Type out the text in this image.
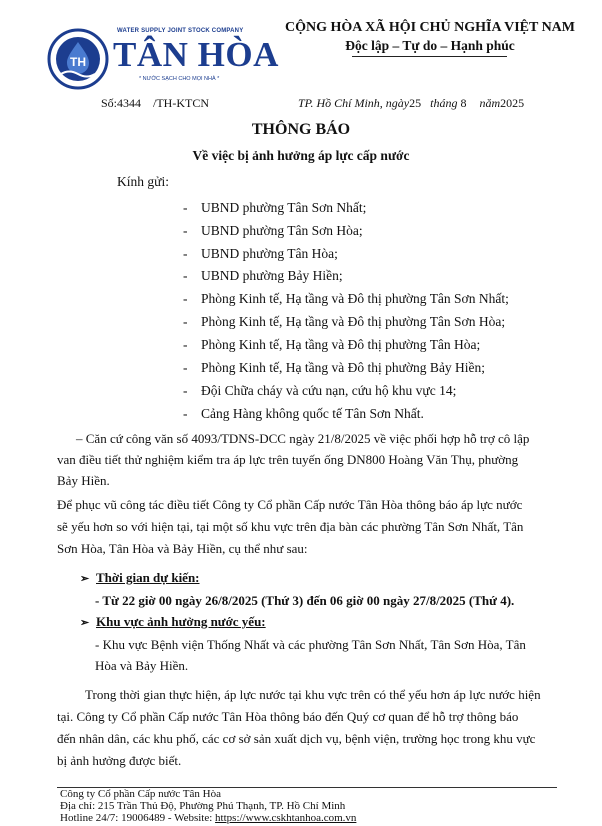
TH
WATER SUPPLY JOINT STOCK COMPANY
TÂN HÒA
* NƯỚC SẠCH CHO MỌI NHÀ *
CỘNG HÒA XÃ HỘI CHỦ NGHĨA VIỆT NAM
Độc lập – Tự do – Hạnh phúc
Số:4344 /TH-KTCN	TP. Hồ Chí Minh, ngày25 tháng 8 năm2025
THÔNG BÁO
Về việc bị ảnh hưởng áp lực cấp nước
Kính gửi:
- UBND phường Tân Sơn Nhất;
- UBND phường Tân Sơn Hòa;
- UBND phường Tân Hòa;
- UBND phường Bảy Hiền;
- Phòng Kinh tế, Hạ tầng và Đô thị phường Tân Sơn Nhất;
- Phòng Kinh tế, Hạ tầng và Đô thị phường Tân Sơn Hòa;
- Phòng Kinh tế, Hạ tầng và Đô thị phường Tân Hòa;
- Phòng Kinh tế, Hạ tầng và Đô thị phường Bảy Hiền;
- Đội Chữa cháy và cứu nạn, cứu hộ khu vực 14;
- Cảng Hàng không quốc tế Tân Sơn Nhất.
– Căn cứ công văn số 4093/TDNS-DCC ngày 21/8/2025 về việc phối hợp hỗ trợ cô lập
van điều tiết thử nghiệm kiểm tra áp lực trên tuyến ống DN800 Hoàng Văn Thụ, phường
Bảy Hiền.
Để phục vũ công tác điều tiết Công ty Cổ phần Cấp nước Tân Hòa thông báo áp lực nước
sẽ yếu hơn so với hiện tại, tại một số khu vực trên địa bàn các phường Tân Sơn Nhất, Tân
Sơn Hòa, Tân Hòa và Bảy Hiền, cụ thể như sau:
➢ Thời gian dự kiến:
- Từ 22 giờ 00 ngày 26/8/2025 (Thứ 3) đến 06 giờ 00 ngày 27/8/2025 (Thứ 4).
➢ Khu vực ảnh hưởng nước yếu:
- Khu vực Bệnh viện Thống Nhất và các phường Tân Sơn Nhất, Tân Sơn Hòa, Tân
Hòa và Bảy Hiền.
Trong thời gian thực hiện, áp lực nước tại khu vực trên có thể yếu hơn áp lực nước hiện
tại. Công ty Cổ phần Cấp nước Tân Hòa thông báo đến Quý cơ quan để hỗ trợ thông báo
đến nhân dân, các khu phố, các cơ sở sản xuất dịch vụ, bệnh viện, trường học trong khu vực
bị ảnh hưởng được biết.
Công ty Cổ phần Cấp nước Tân Hòa
Địa chỉ: 215 Trần Thủ Độ, Phường Phú Thạnh, TP. Hồ Chí Minh
Hotline 24/7: 19006489 - Website: https://www.cskhtanhoa.com.vn
